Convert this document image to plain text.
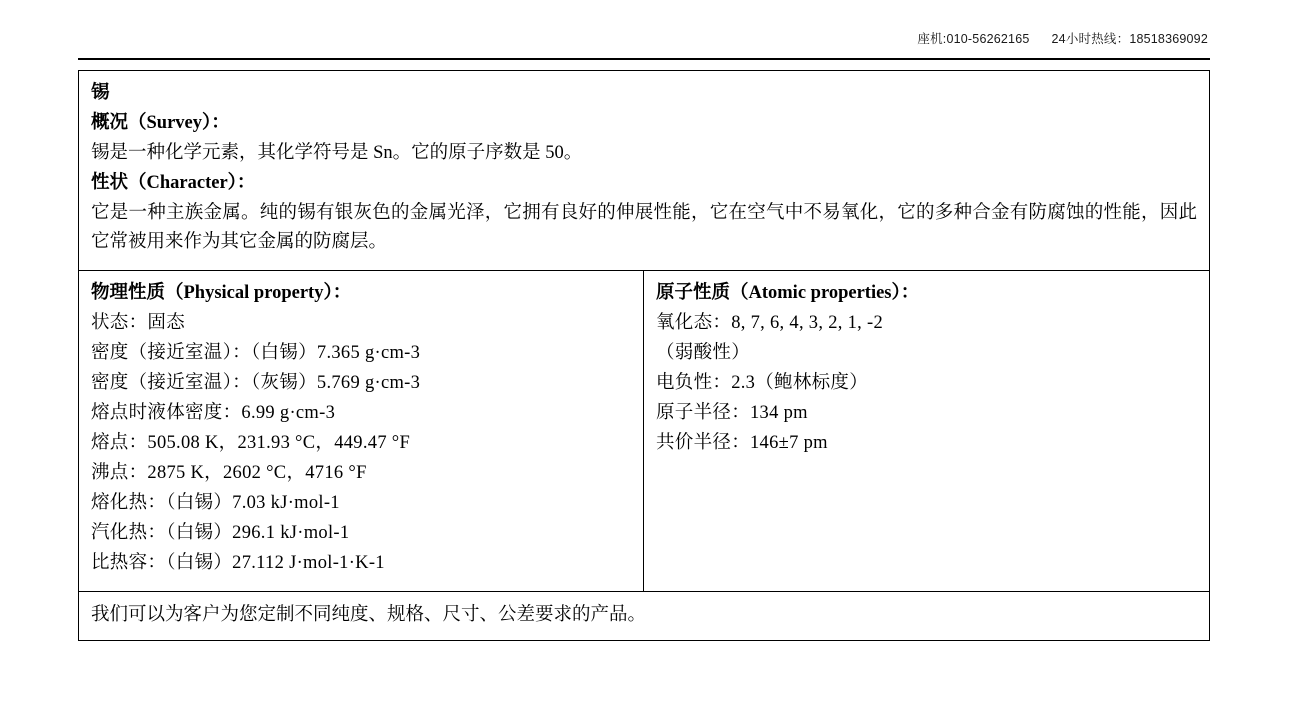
座机:010-56262165 24小时热线：18518369092
锡
概况（Survey）：
锡是一种化学元素，其化学符号是 Sn。它的原子序数是 50。
性状（Character）：
它是一种主族金属。纯的锡有银灰色的金属光泽，它拥有良好的伸展性能，它在空气中不易氧化，它的多种合金有防腐蚀的性能，因此它常被用来作为其它金属的防腐层。
物理性质（Physical property）：
状态：固态
密度（接近室温）：（白锡）7.365 g·cm-3
密度（接近室温）：（灰锡）5.769 g·cm-3
熔点时液体密度：6.99 g·cm-3
熔点：505.08 K，231.93 °C，449.47 °F
沸点：2875 K，2602 °C，4716 °F
熔化热：（白锡）7.03 kJ·mol-1
汽化热：（白锡）296.1 kJ·mol-1
比热容：（白锡）27.112 J·mol-1·K-1
原子性质（Atomic properties）：
氧化态：8, 7, 6, 4, 3, 2, 1, -2
（弱酸性）
电负性：2.3（鲍林标度）
原子半径：134 pm
共价半径：146±7 pm
我们可以为客户为您定制不同纯度、规格、尺寸、公差要求的产品。
